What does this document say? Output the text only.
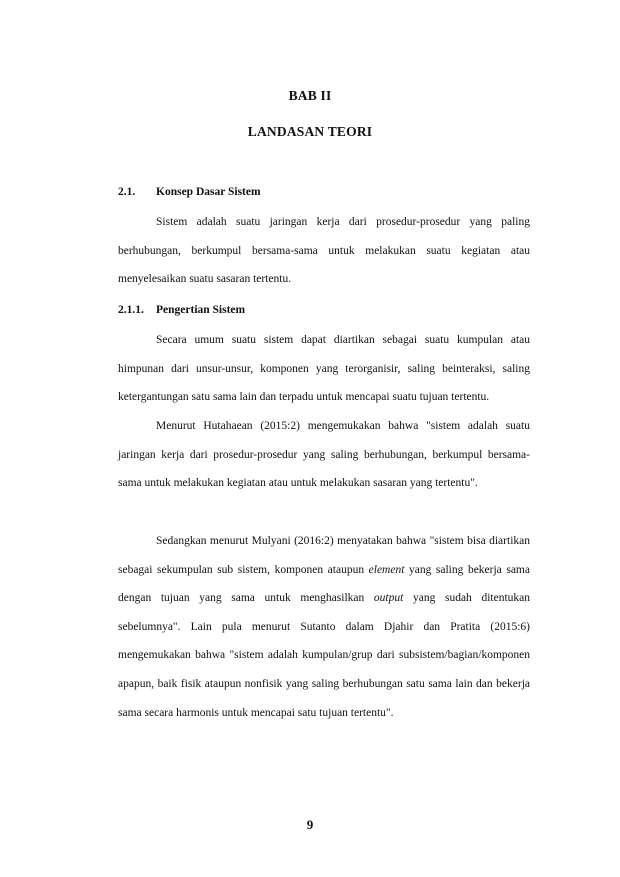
BAB II
LANDASAN TEORI
2.1. Konsep Dasar Sistem

Sistem adalah suatu jaringan kerja dari prosedur-prosedur yang paling berhubungan, berkumpul bersama-sama untuk melakukan suatu kegiatan atau menyelesaikan suatu sasaran tertentu.

2.1.1. Pengertian Sistem

Secara umum suatu sistem dapat diartikan sebagai suatu kumpulan atau himpunan dari unsur-unsur, komponen yang terorganisir, saling beinteraksi, saling ketergantungan satu sama lain dan terpadu untuk mencapai suatu tujuan tertentu.

Menurut Hutahaean (2015:2) mengemukakan bahwa "sistem adalah suatu jaringan kerja dari prosedur-prosedur yang saling berhubungan, berkumpul bersama-sama untuk melakukan kegiatan atau untuk melakukan sasaran yang tertentu".

Sedangkan menurut Mulyani (2016:2) menyatakan bahwa "sistem bisa diartikan sebagai sekumpulan sub sistem, komponen ataupun element yang saling bekerja sama dengan tujuan yang sama untuk menghasilkan output yang sudah ditentukan sebelumnya". Lain pula menurut Sutanto dalam Djahir dan Pratita (2015:6) mengemukakan bahwa "sistem adalah kumpulan/grup dari subsistem/bagian/komponen apapun, baik fisik ataupun nonfisik yang saling berhubungan satu sama lain dan bekerja sama secara harmonis untuk mencapai satu tujuan tertentu".

9
